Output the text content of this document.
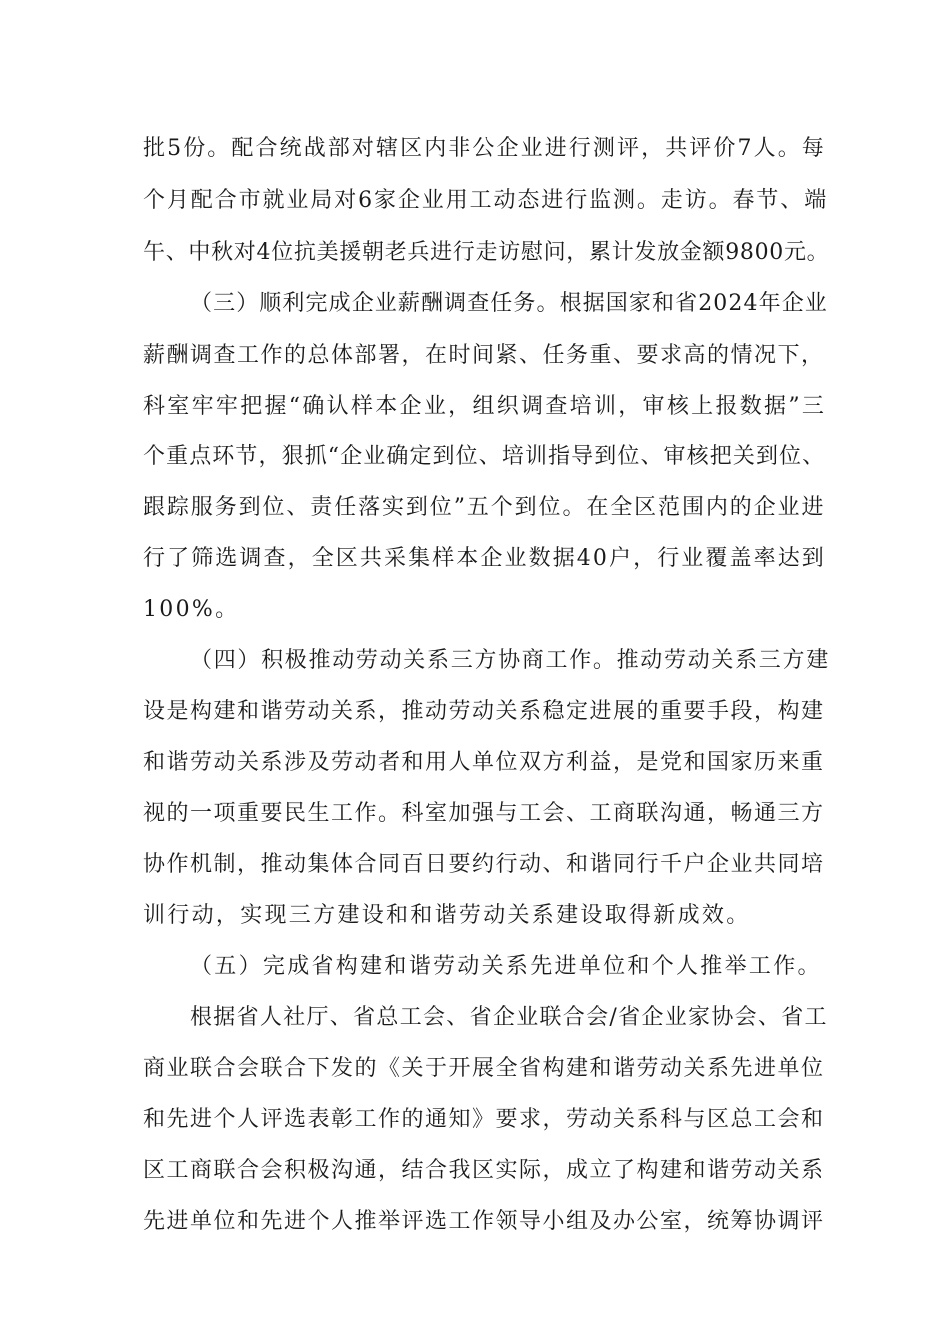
批5份。配合统战部对辖区内非公企业进行测评，共评价7人。每
个月配合市就业局对6家企业用工动态进行监测。走访。春节、端
午、中秋对4位抗美援朝老兵进行走访慰问，累计发放金额9800元。
（三）顺利完成企业薪酬调查任务。根据国家和省2024年企业
薪酬调查工作的总体部署，在时间紧、任务重、要求高的情况下，
科室牢牢把握“确认样本企业，组织调查培训，审核上报数据”三
个重点环节，狠抓“企业确定到位、培训指导到位、审核把关到位、
跟踪服务到位、责任落实到位”五个到位。在全区范围内的企业进
行了筛选调查，全区共采集样本企业数据40户，行业覆盖率达到
100%。
（四）积极推动劳动关系三方协商工作。推动劳动关系三方建
设是构建和谐劳动关系，推动劳动关系稳定进展的重要手段，构建
和谐劳动关系涉及劳动者和用人单位双方利益，是党和国家历来重
视的一项重要民生工作。科室加强与工会、工商联沟通，畅通三方
协作机制，推动集体合同百日要约行动、和谐同行千户企业共同培
训行动，实现三方建设和和谐劳动关系建设取得新成效。
（五）完成省构建和谐劳动关系先进单位和个人推举工作。
根据省人社厅、省总工会、省企业联合会/省企业家协会、省工
商业联合会联合下发的《关于开展全省构建和谐劳动关系先进单位
和先进个人评选表彰工作的通知》要求，劳动关系科与区总工会和
区工商联合会积极沟通，结合我区实际，成立了构建和谐劳动关系
先进单位和先进个人推举评选工作领导小组及办公室，统筹协调评
